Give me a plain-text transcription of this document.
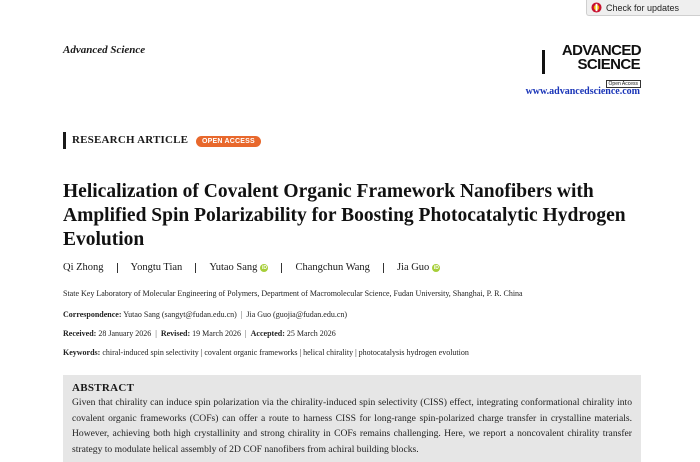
Check for updates
Advanced Science	ADVANCED
SCIENCE
Open Access
www.advancedscience.com
RESEARCH ARTICLE	OPEN ACCESS
Helicalization of Covalent Organic Framework Nanofibers with Amplified Spin Polarizability for Boosting Photocatalytic Hydrogen Evolution
Qi Zhong	Yongtu Tian	Yutao Sang iD	Changchun Wang	Jia Guo iD
State Key Laboratory of Molecular Engineering of Polymers, Department of Macromolecular Science, Fudan University, Shanghai, P. R. China
Correspondence: Yutao Sang (sangyt@fudan.edu.cn) | Jia Guo (guojia@fudan.edu.cn)
Received: 28 January 2026 | Revised: 19 March 2026 | Accepted: 25 March 2026
Keywords: chiral-induced spin selectivity | covalent organic frameworks | helical chirality | photocatalysis hydrogen evolution
ABSTRACT
Given that chirality can induce spin polarization via the chirality-induced spin selectivity (CISS) effect, integrating conformational chirality into covalent organic frameworks (COFs) can offer a route to harness CISS for long-range spin-polarized charge transfer in crystalline materials. However, achieving both high crystallinity and strong chirality in COFs remains challenging. Here, we report a noncovalent chirality transfer strategy to modulate helical assembly of 2D COF nanofibers from achiral building blocks.
